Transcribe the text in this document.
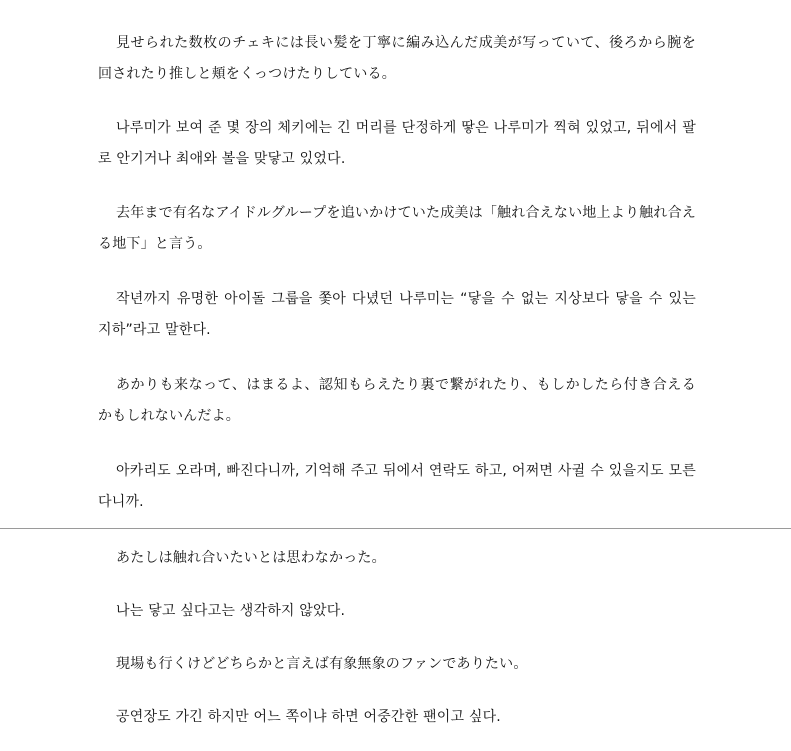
見せられた数枚のチェキには長い髪を丁寧に編み込んだ成美が写っていて、後ろから腕を回されたり推しと頬をくっつけたりしている。

나루미가 보여 준 몇 장의 체키에는 긴 머리를 단정하게 땋은 나루미가 찍혀 있었고, 뒤에서 팔로 안기거나 최애와 볼을 맞닿고 있었다.

去年まで有名なアイドルグループを追いかけていた成美は「触れ合えない地上より触れ合える地下」と言う。

작년까지 유명한 아이돌 그룹을 쫓아 다녔던 나루미는 “닿을 수 없는 지상보다 닿을 수 있는 지하”라고 말한다.

あかりも来なって、はまるよ、認知もらえたり裏で繋がれたり、もしかしたら付き合えるかもしれないんだよ。

아카리도 오라며, 빠진다니까, 기억해 주고 뒤에서 연락도 하고, 어쩌면 사귈 수 있을지도 모른다니까.

あたしは触れ合いたいとは思わなかった。

나는 닿고 싶다고는 생각하지 않았다.

現場も行くけどどちらかと言えば有象無象のファンでありたい。

공연장도 가긴 하지만 어느 쪽이냐 하면 어중간한 팬이고 싶다.
